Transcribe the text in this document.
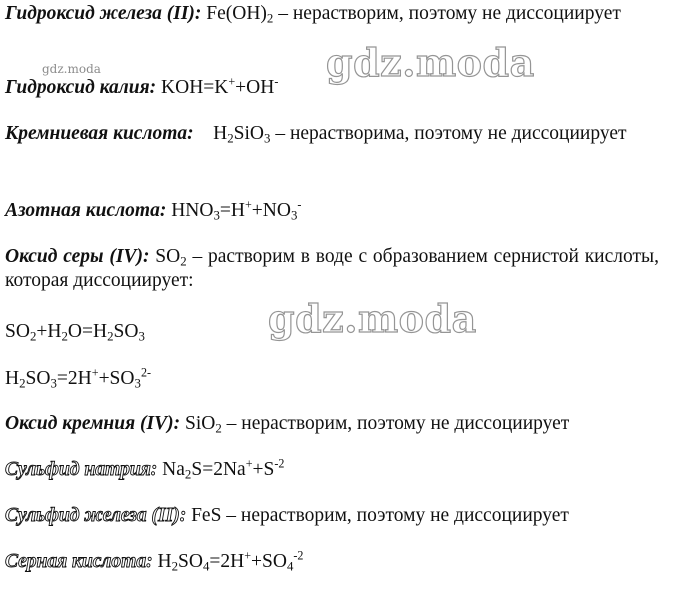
Гидроксид железа (II): $Fe(OH)_2$ – нерастворим, поэтому не диссоциирует

Гидроксид калия: KOH=K++OH-

Кремниевая кислота: $H_2SiO_3$ – нерастворима, поэтому не диссоциирует

Азотная кислота: $HNO_3=H^++NO_3^-$

Оксид серы (IV): $SO_2$ – растворим в воде с образованием сернистой кислоты, которая диссоциирует:

$SO_2+H_2O=H_2SO_3$

$H_2SO_3=2H^++SO_3^{2-}$

Оксид кремния (IV): SiO$_2$ – нерастворим, поэтому не диссоциирует

Сульфид натрия: $Na_2S=2Na^++S^{-2}$

Сульфид железа (II): FeS – нерастворим, поэтому не диссоциирует

Серная кислота: $H_2SO_4=2H^++SO_4^{-2}$

gdz.moda
gdz.moda
gdz.moda
